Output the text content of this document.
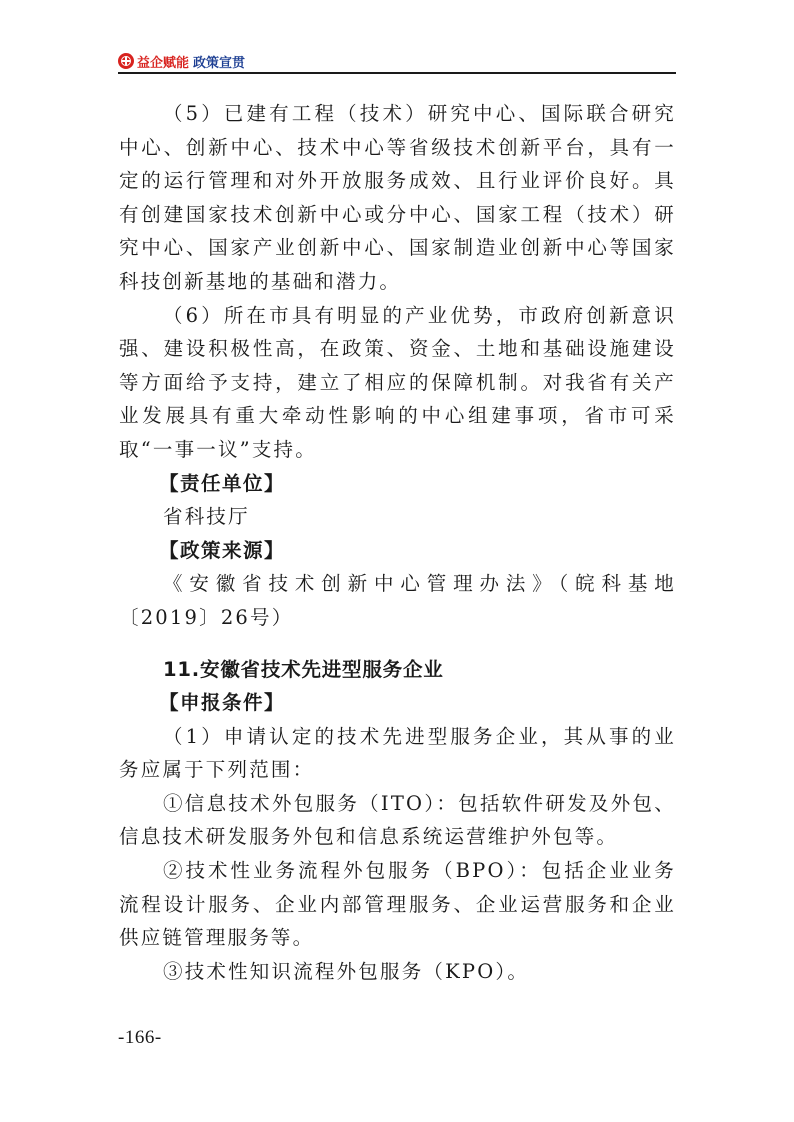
益企赋能 政策宣贯

（5）已建有工程（技术）研究中心、国际联合研究中心、创新中心、技术中心等省级技术创新平台，具有一定的运行管理和对外开放服务成效、且行业评价良好。具有创建国家技术创新中心或分中心、国家工程（技术）研究中心、国家产业创新中心、国家制造业创新中心等国家科技创新基地的基础和潜力。

（6）所在市具有明显的产业优势，市政府创新意识强、建设积极性高，在政策、资金、土地和基础设施建设等方面给予支持，建立了相应的保障机制。对我省有关产业发展具有重大牵动性影响的中心组建事项，省市可采取“一事一议”支持。

【责任单位】

省科技厅

【政策来源】

《安徽省技术创新中心管理办法》（皖科基地〔2019〕26号）

11.安徽省技术先进型服务企业

【申报条件】

（1）申请认定的技术先进型服务企业，其从事的业务应属于下列范围：

①信息技术外包服务（ITO）：包括软件研发及外包、信息技术研发服务外包和信息系统运营维护外包等。

②技术性业务流程外包服务（BPO）：包括企业业务流程设计服务、企业内部管理服务、企业运营服务和企业供应链管理服务等。

③技术性知识流程外包服务（KPO）。

-166-
